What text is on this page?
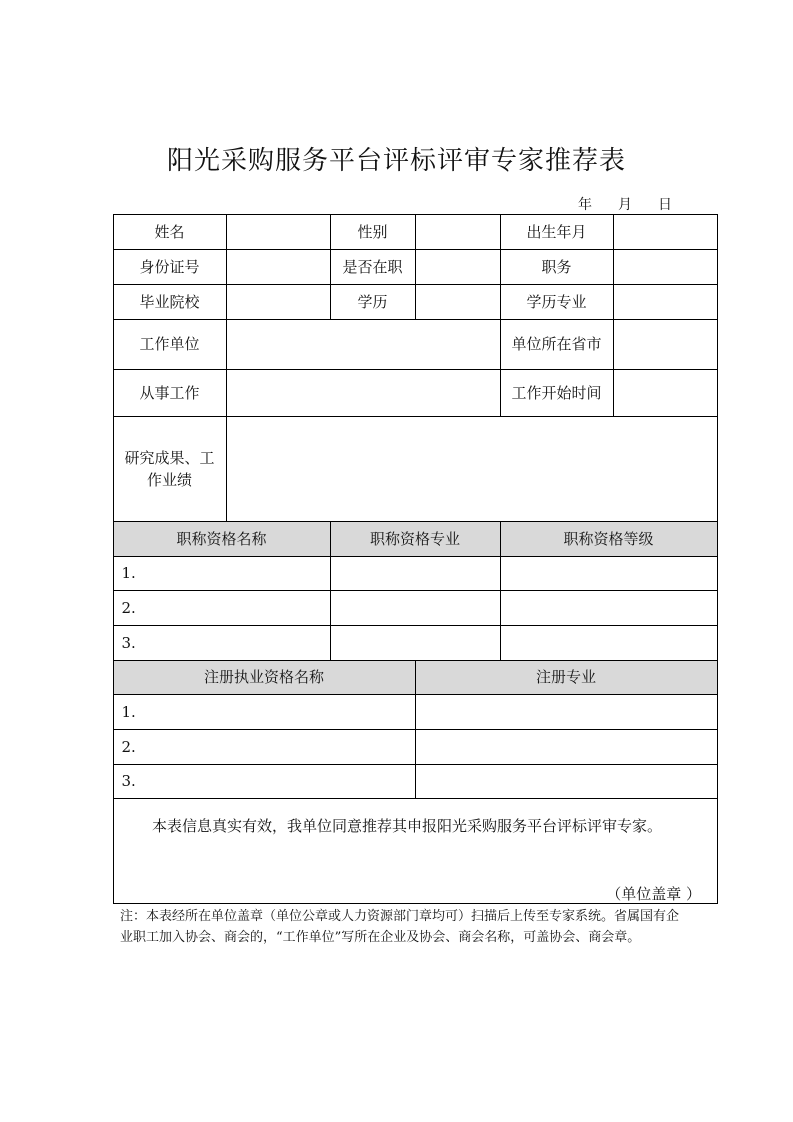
阳光采购服务平台评标评审专家推荐表
年 月 日
姓名	性别	出生年月
身份证号	是否在职	职务
毕业院校	学历	学历专业
工作单位	单位所在省市
从事工作	工作开始时间
研究成果、工作业绩
职称资格名称	职称资格专业	职称资格等级
1.
2.
3.
注册执业资格名称	注册专业
1.
2.
3.
本表信息真实有效，我单位同意推荐其申报阳光采购服务平台评标评审专家。
（单位盖章 ）
注：本表经所在单位盖章（单位公章或人力资源部门章均可）扫描后上传至专家系统。省属国有企业职工加入协会、商会的，“工作单位”写所在企业及协会、商会名称，可盖协会、商会章。
